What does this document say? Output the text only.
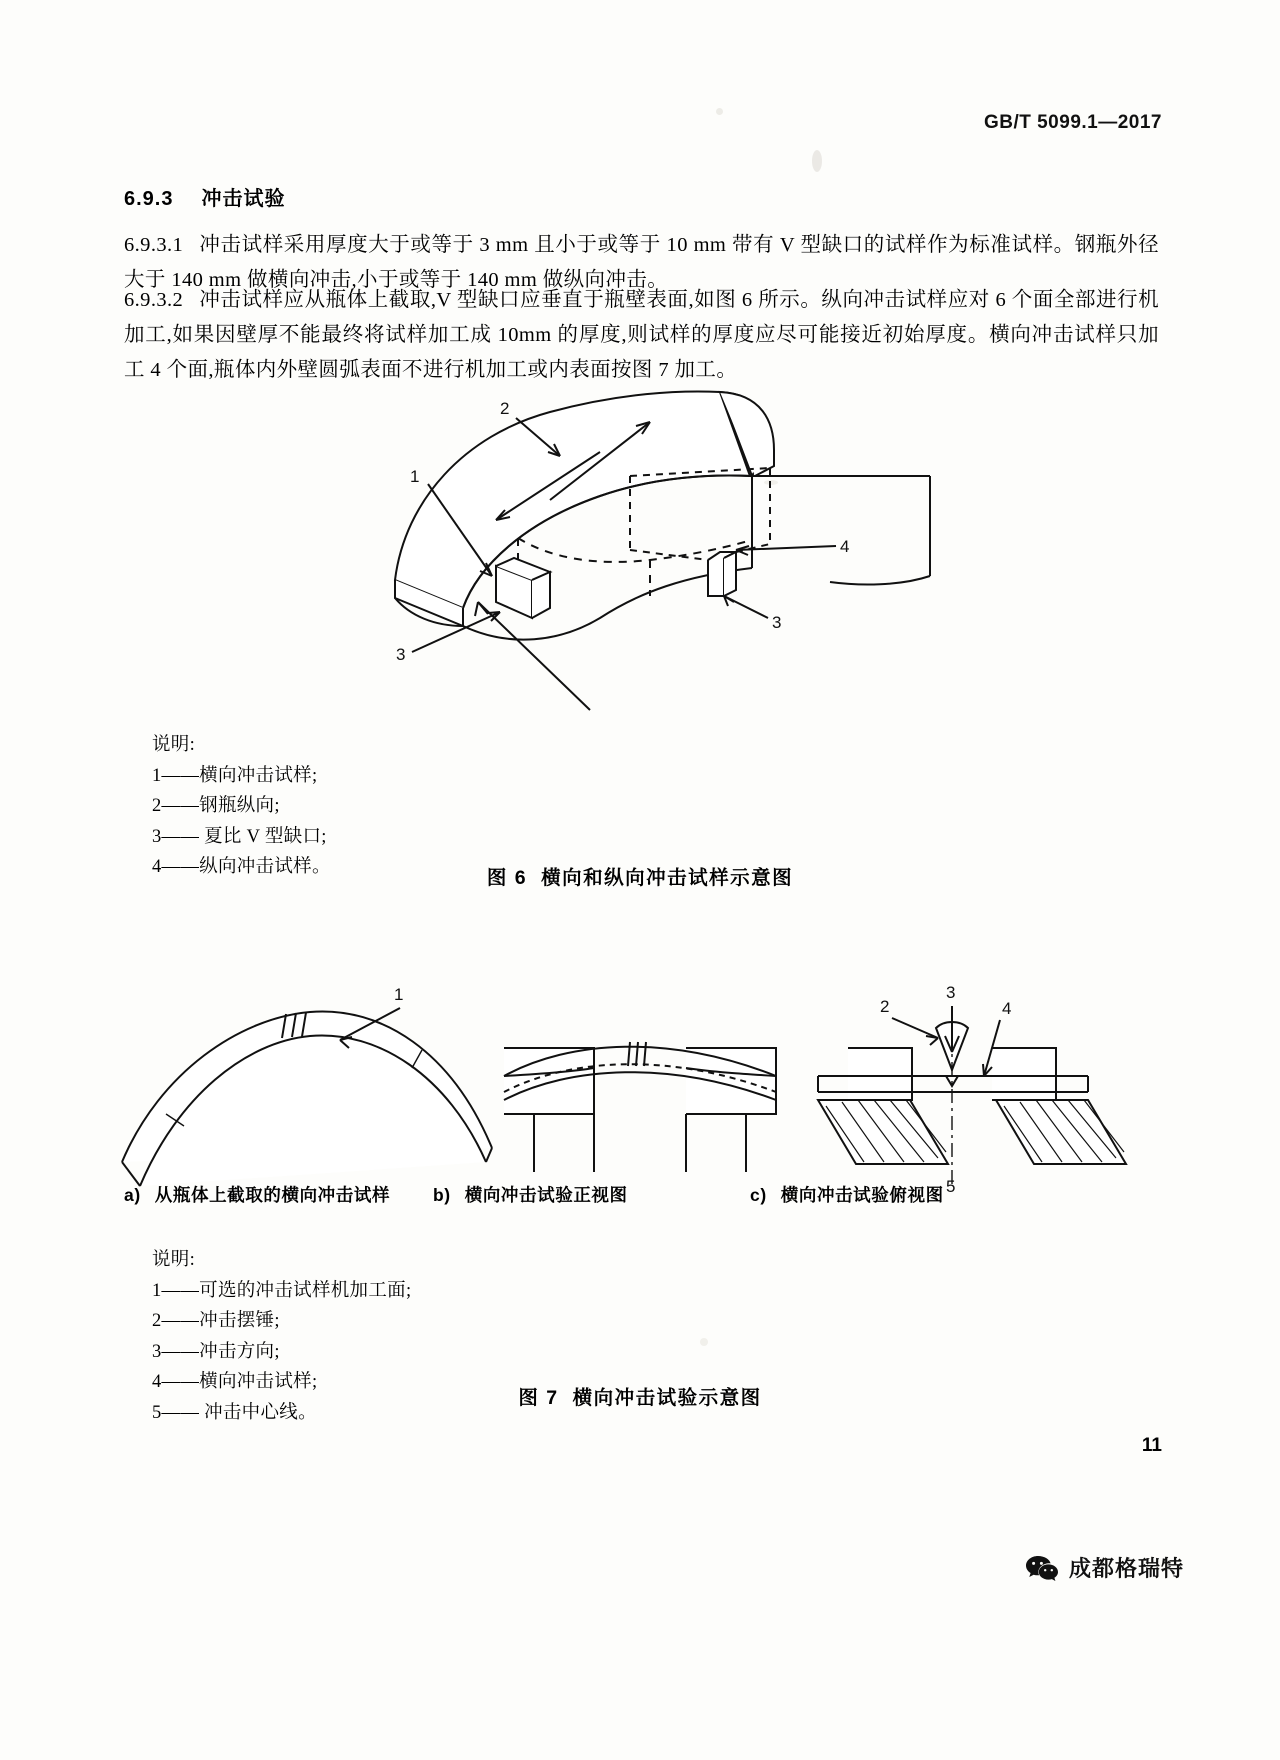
GB/T 5099.1—2017
6.9.3 冲击试验
6.9.3.1 冲击试样采用厚度大于或等于 3 mm 且小于或等于 10 mm 带有 V 型缺口的试样作为标准试样。钢瓶外径大于 140 mm 做横向冲击,小于或等于 140 mm 做纵向冲击。
6.9.3.2 冲击试样应从瓶体上截取,V 型缺口应垂直于瓶壁表面,如图 6 所示。纵向冲击试样应对 6 个面全部进行机加工,如果因壁厚不能最终将试样加工成 10mm 的厚度,则试样的厚度应尽可能接近初始厚度。横向冲击试样只加工 4 个面,瓶体内外壁圆弧表面不进行机加工或内表面按图 7 加工。
2
1
4
3
3
说明:
1——横向冲击试样;
2——钢瓶纵向;
3—— 夏比 V 型缺口;
4——纵向冲击试样。	图 6 横向和纵向冲击试样示意图
1
2
3
4
5
a) 从瓶体上截取的横向冲击试样 b) 横向冲击试验正视图	c) 横向冲击试验俯视图
说明:
1——可选的冲击试样机加工面;
2——冲击摆锤;
3——冲击方向;
4——横向冲击试样;
5—— 冲击中心线。
图 7 横向冲击试验示意图
11
成都格瑞特
